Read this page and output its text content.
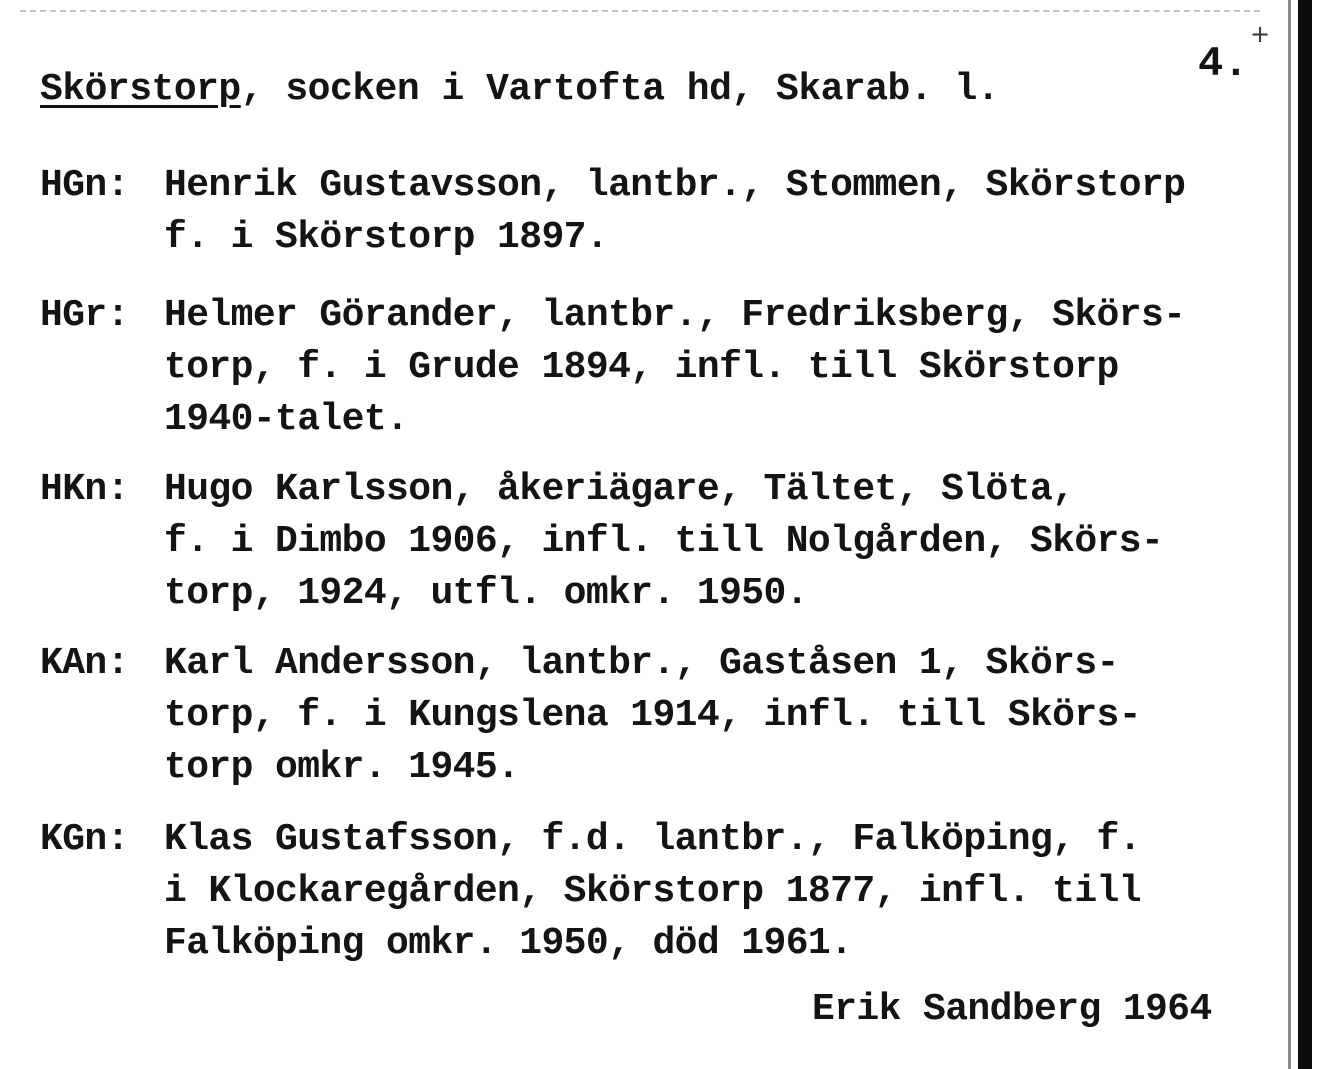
+
4.
Skörstorp, socken i Vartofta hd, Skarab. l.
HGn: Henrik Gustavsson, lantbr., Stommen, Skörstorp
f. i Skörstorp 1897.
HGr: Helmer Görander, lantbr., Fredriksberg, Skörs-
torp, f. i Grude 1894, infl. till Skörstorp
1940-talet.
HKn: Hugo Karlsson, åkeriägare, Tältet, Slöta,
f. i Dimbo 1906, infl. till Nolgården, Skörs-
torp, 1924, utfl. omkr. 1950.
KAn: Karl Andersson, lantbr., Gaståsen 1, Skörs-
torp, f. i Kungslena 1914, infl. till Skörs-
torp omkr. 1945.
KGn: Klas Gustafsson, f.d. lantbr., Falköping, f.
i Klockaregården, Skörstorp 1877, infl. till
Falköping omkr. 1950, död 1961.
Erik Sandberg 1964
